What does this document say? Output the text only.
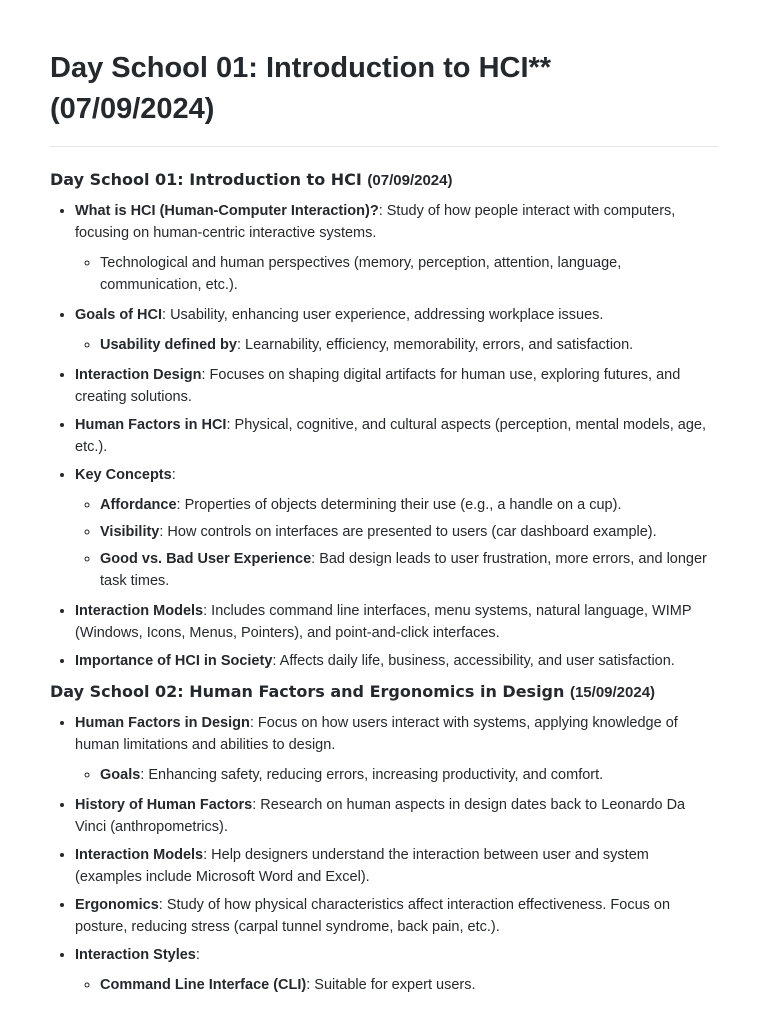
Day School 01: Introduction to HCI** (07/09/2024)
Day School 01: Introduction to HCI (07/09/2024)
• What is HCI (Human-Computer Interaction)?: Study of how people interact with computers, focusing on human-centric interactive systems.
◦ Technological and human perspectives (memory, perception, attention, language, communication, etc.).
• Goals of HCI: Usability, enhancing user experience, addressing workplace issues.
◦ Usability defined by: Learnability, efficiency, memorability, errors, and satisfaction.
• Interaction Design: Focuses on shaping digital artifacts for human use, exploring futures, and creating solutions.
• Human Factors in HCI: Physical, cognitive, and cultural aspects (perception, mental models, age, etc.).
• Key Concepts:
◦ Affordance: Properties of objects determining their use (e.g., a handle on a cup).
◦ Visibility: How controls on interfaces are presented to users (car dashboard example).
◦ Good vs. Bad User Experience: Bad design leads to user frustration, more errors, and longer task times.
• Interaction Models: Includes command line interfaces, menu systems, natural language, WIMP (Windows, Icons, Menus, Pointers), and point-and-click interfaces.
• Importance of HCI in Society: Affects daily life, business, accessibility, and user satisfaction.
Day School 02: Human Factors and Ergonomics in Design (15/09/2024)
• Human Factors in Design: Focus on how users interact with systems, applying knowledge of human limitations and abilities to design.
◦ Goals: Enhancing safety, reducing errors, increasing productivity, and comfort.
• History of Human Factors: Research on human aspects in design dates back to Leonardo Da Vinci (anthropometrics).
• Interaction Models: Help designers understand the interaction between user and system (examples include Microsoft Word and Excel).
• Ergonomics: Study of how physical characteristics affect interaction effectiveness. Focus on posture, reducing stress (carpal tunnel syndrome, back pain, etc.).
• Interaction Styles:
◦ Command Line Interface (CLI): Suitable for expert users.
